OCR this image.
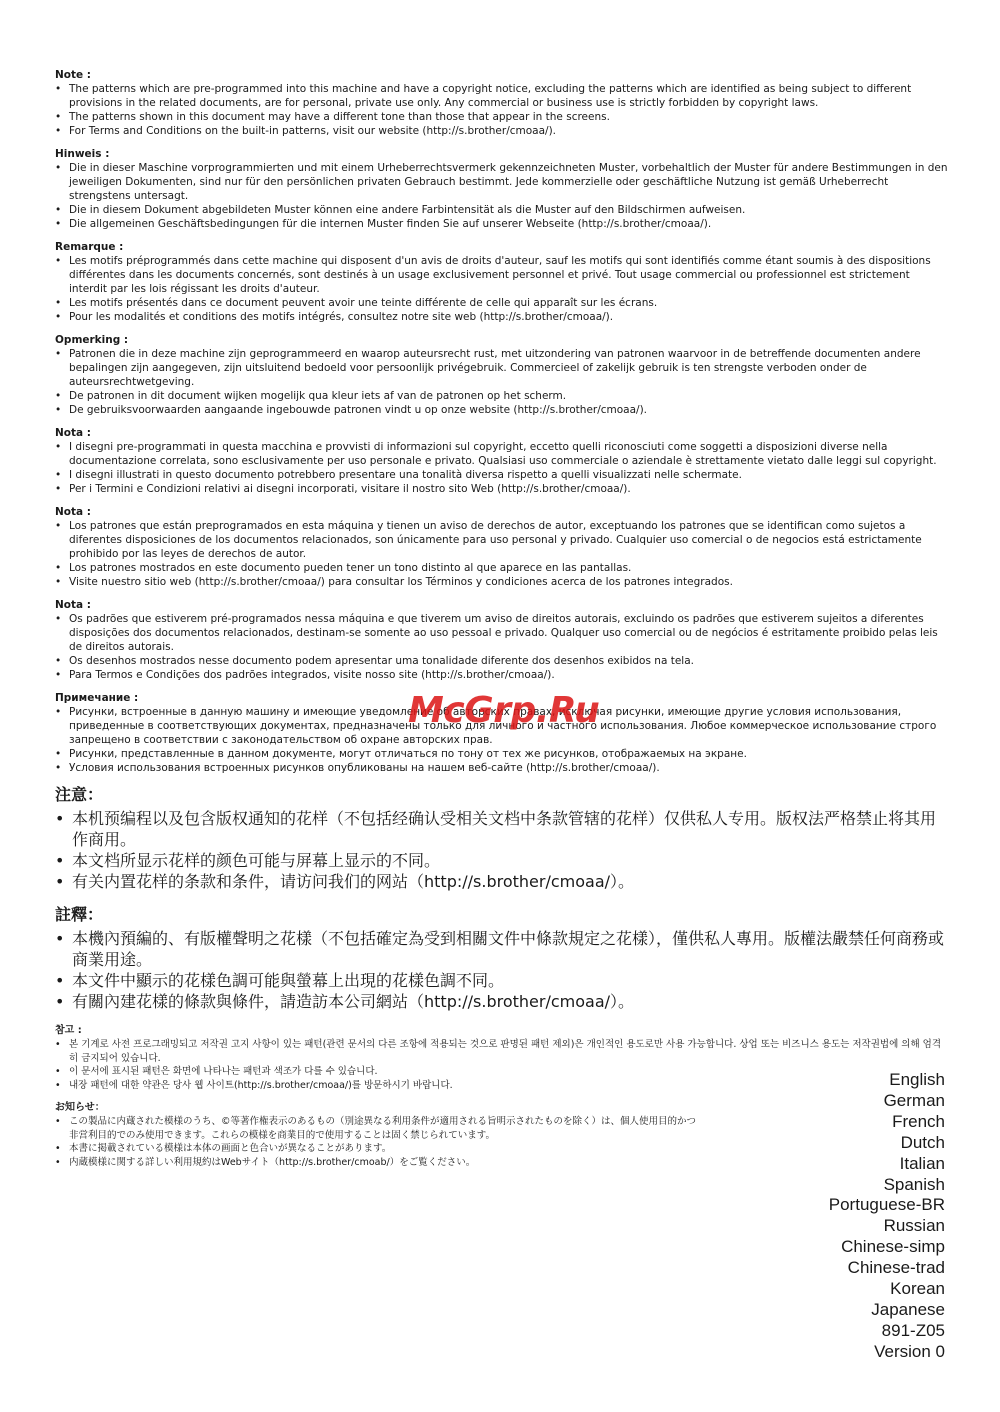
Note :
• The patterns which are pre-programmed into this machine and have a copyright notice, excluding the patterns which are identified as being subject to different provisions in the related documents, are for personal, private use only. Any commercial or business use is strictly forbidden by copyright laws.
• The patterns shown in this document may have a different tone than those that appear in the screens.
• For Terms and Conditions on the built-in patterns, visit our website (http://s.brother/cmoaa/).
Hinweis :
• Die in dieser Maschine vorprogrammierten und mit einem Urheberrechtsvermerk gekennzeichneten Muster, vorbehaltlich der Muster für andere Bestimmungen in den jeweiligen Dokumenten, sind nur für den persönlichen privaten Gebrauch bestimmt. Jede kommerzielle oder geschäftliche Nutzung ist gemäß Urheberrecht strengstens untersagt.
• Die in diesem Dokument abgebildeten Muster können eine andere Farbintensität als die Muster auf den Bildschirmen aufweisen.
• Die allgemeinen Geschäftsbedingungen für die internen Muster finden Sie auf unserer Webseite (http://s.brother/cmoaa/).
Remarque :
• Les motifs préprogrammés dans cette machine qui disposent d'un avis de droits d'auteur, sauf les motifs qui sont identifiés comme étant soumis à des dispositions différentes dans les documents concernés, sont destinés à un usage exclusivement personnel et privé. Tout usage commercial ou professionnel est strictement interdit par les lois régissant les droits d'auteur.
• Les motifs présentés dans ce document peuvent avoir une teinte différente de celle qui apparaît sur les écrans.
• Pour les modalités et conditions des motifs intégrés, consultez notre site web (http://s.brother/cmoaa/).
Opmerking :
• Patronen die in deze machine zijn geprogrammeerd en waarop auteursrecht rust, met uitzondering van patronen waarvoor in de betreffende documenten andere bepalingen zijn aangegeven, zijn uitsluitend bedoeld voor persoonlijk privégebruik. Commercieel of zakelijk gebruik is ten strengste verboden onder de auteursrechtwetgeving.
• De patronen in dit document wijken mogelijk qua kleur iets af van de patronen op het scherm.
• De gebruiksvoorwaarden aangaande ingebouwde patronen vindt u op onze website (http://s.brother/cmoaa/).
Nota :
• I disegni pre-programmati in questa macchina e provvisti di informazioni sul copyright, eccetto quelli riconosciuti come soggetti a disposizioni diverse nella documentazione correlata, sono esclusivamente per uso personale e privato. Qualsiasi uso commerciale o aziendale è strettamente vietato dalle leggi sul copyright.
• I disegni illustrati in questo documento potrebbero presentare una tonalità diversa rispetto a quelli visualizzati nelle schermate.
• Per i Termini e Condizioni relativi ai disegni incorporati, visitare il nostro sito Web (http://s.brother/cmoaa/).
Nota :
• Los patrones que están preprogramados en esta máquina y tienen un aviso de derechos de autor, exceptuando los patrones que se identifican como sujetos a diferentes disposiciones de los documentos relacionados, son únicamente para uso personal y privado. Cualquier uso comercial o de negocios está estrictamente prohibido por las leyes de derechos de autor.
• Los patrones mostrados en este documento pueden tener un tono distinto al que aparece en las pantallas.
• Visite nuestro sitio web (http://s.brother/cmoaa/) para consultar los Términos y condiciones acerca de los patrones integrados.
Nota :
• Os padrões que estiverem pré-programados nessa máquina e que tiverem um aviso de direitos autorais, excluindo os padrões que estiverem sujeitos a diferentes disposições dos documentos relacionados, destinam-se somente ao uso pessoal e privado. Qualquer uso comercial ou de negócios é estritamente proibido pelas leis de direitos autorais.
• Os desenhos mostrados nesse documento podem apresentar uma tonalidade diferente dos desenhos exibidos na tela.
• Para Termos e Condições dos padrões integrados, visite nosso site (http://s.brother/cmoaa/).
Примечание :
• Рисунки, встроенные в данную машину и имеющие уведомление об авторских правах, исключая рисунки, имеющие другие условия использования, приведенные в соответствующих документах, предназначены только для личного и частного использования. Любое коммерческое использование строго запрещено в соответствии с законодательством об охране авторских прав.
• Рисунки, представленные в данном документе, могут отличаться по тону от тех же рисунков, отображаемых на экране.
• Условия использования встроенных рисунков опубликованы на нашем веб-сайте (http://s.brother/cmoaa/).
注意：
• 本机预编程以及包含版权通知的花样（不包括经确认受相关文档中条款管辖的花样）仅供私人专用。版权法严格禁止将其用作商用。
• 本文档所显示花样的颜色可能与屏幕上显示的不同。
• 有关内置花样的条款和条件，请访问我们的网站（http://s.brother/cmoaa/）。
註釋：
• 本機內預編的、有版權聲明之花樣（不包括確定為受到相關文件中條款規定之花樣），僅供私人專用。版權法嚴禁任何商務或商業用途。
• 本文件中顯示的花樣色調可能與螢幕上出現的花樣色調不同。
• 有關內建花樣的條款與條件，請造訪本公司網站（http://s.brother/cmoaa/）。
참고 :
• 본 기계로 사전 프로그래밍되고 저작권 고지 사항이 있는 패턴(관련 문서의 다른 조항에 적용되는 것으로 판명된 패턴 제외)은 개인적인 용도로만 사용 가능합니다. 상업 또는 비즈니스 용도는 저작권법에 의해 엄격히 금지되어 있습니다.
• 이 문서에 표시된 패턴은 화면에 나타나는 패턴과 색조가 다를 수 있습니다.
• 내장 패턴에 대한 약관은 당사 웹 사이트(http://s.brother/cmoaa/)를 방문하시기 바랍니다.
お知らせ：
• この製品に内蔵された模様のうち、©等著作権表示のあるもの（別途異なる利用条件が適用される旨明示されたものを除く）は、個人使用目的かつ非営利目的でのみ使用できます。これらの模様を商業目的で使用することは固く禁じられています。
• 本書に掲載されている模様は本体の画面と色合いが異なることがあります。
• 内蔵模様に関する詳しい利用規約はWebサイト（http://s.brother/cmoab/）をご覧ください。
McGrp.Ru
English
German
French
Dutch
Italian
Spanish
Portuguese-BR
Russian
Chinese-simp
Chinese-trad
Korean
Japanese
891-Z05
Version 0
